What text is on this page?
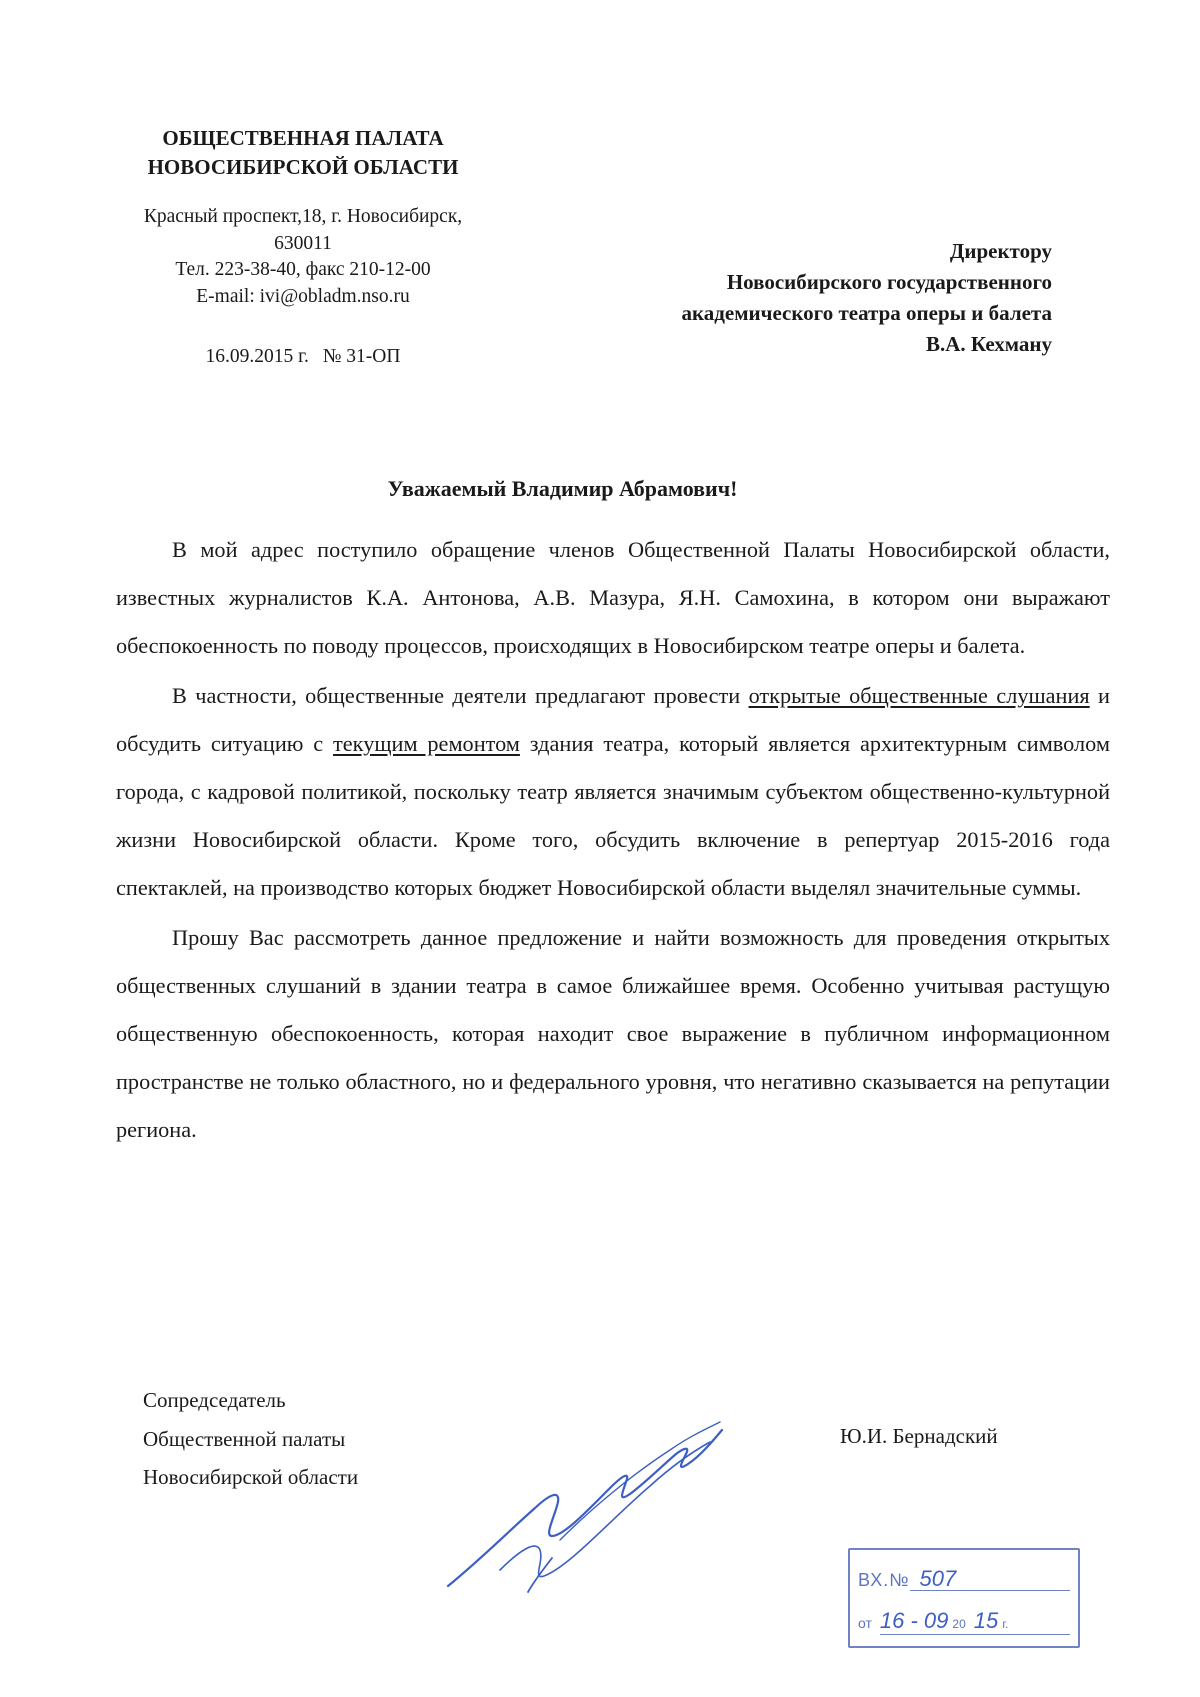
ОБЩЕСТВЕННАЯ ПАЛАТА
НОВОСИБИРСКОЙ ОБЛАСТИ
Красный проспект,18, г. Новосибирск,
630011
Тел. 223-38-40, факс 210-12-00
E-mail: ivi@obladm.nso.ru
16.09.2015 г. № 31-ОП
Директору
Новосибирского государственного
академического театра оперы и балета
В.А. Кехману
Уважаемый Владимир Абрамович!

В мой адрес поступило обращение членов Общественной Палаты Новосибирской области, известных журналистов К.А. Антонова, А.В. Мазура, Я.Н. Самохина, в котором они выражают обеспокоенность по поводу процессов, происходящих в Новосибирском театре оперы и балета.

В частности, общественные деятели предлагают провести открытые общественные слушания и обсудить ситуацию с текущим ремонтом здания театра, который является архитектурным символом города, с кадровой политикой, поскольку театр является значимым субъектом общественно-культурной жизни Новосибирской области. Кроме того, обсудить включение в репертуар 2015-2016 года спектаклей, на производство которых бюджет Новосибирской области выделял значительные суммы.

Прошу Вас рассмотреть данное предложение и найти возможность для проведения открытых общественных слушаний в здании театра в самое ближайшее время. Особенно учитывая растущую общественную обеспокоенность, которая находит свое выражение в публичном информационном пространстве не только областного, но и федерального уровня, что негативно сказывается на репутации региона.

Сопредседатель
Общественной палаты
Новосибирской области
Ю.И. Бернадский
ВХ.№ 507
от 16 - 09 20 15 г.
